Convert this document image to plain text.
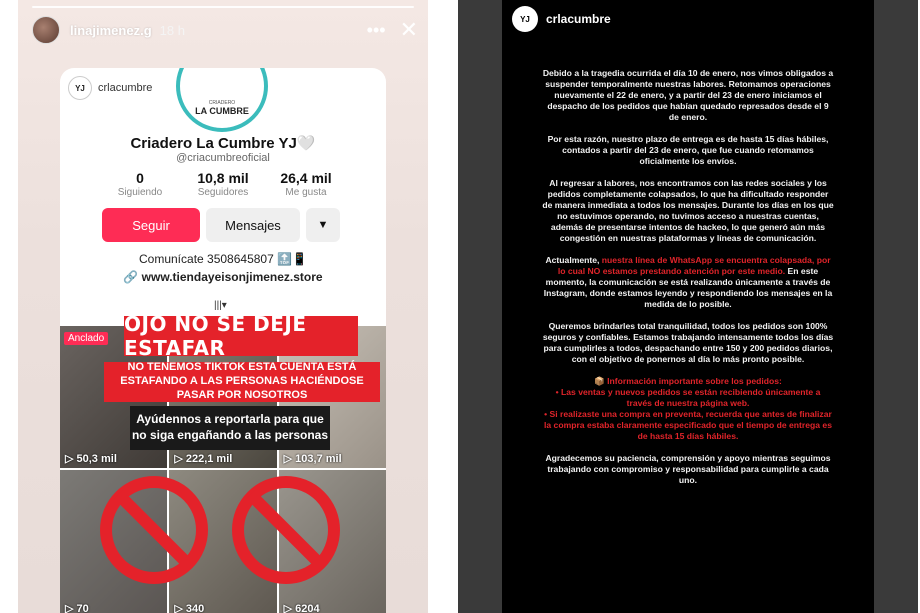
linajimenez.g 18 h	••• ✕
YJ	crlacumbre
CRIADERO
LA CUMBRE
Criadero La Cumbre YJ🤍
@criacumbreoficial
0
Siguiendo
10,8 mil
Seguidores
26,4 mil
Me gusta
Seguir	Mensajes	▼
Comunícate 3508645807 🔝📱
🔗 www.tiendayeisonjimenez.store
|||▾
Anclado
▷ 50,3 mil	▷ 222,1 mil	▷ 103,7 mil
▷ 70	▷ 340	▷ 6204
OJO NO SE DEJE ESTAFAR
NO TENEMOS TIKTOK ESTA CUENTA ESTÁ ESTAFANDO A LAS PERSONAS HACIÉNDOSE PASAR POR NOSOTROS
Ayúdennos a reportarla para que no siga engañando a las personas
YJ	crlacumbre

Debido a la tragedia ocurrida el día 10 de enero, nos vimos obligados a suspender temporalmente nuestras labores. Retomamos operaciones nuevamente el 22 de enero, y a partir del 23 de enero iniciamos el despacho de los pedidos que habían quedado represados desde el 9 de enero.

Por esta razón, nuestro plazo de entrega es de hasta 15 días hábiles, contados a partir del 23 de enero, que fue cuando retomamos oficialmente los envíos.

Al regresar a labores, nos encontramos con las redes sociales y los pedidos completamente colapsados, lo que ha dificultado responder de manera inmediata a todos los mensajes. Durante los días en los que no estuvimos operando, no tuvimos acceso a nuestras cuentas, además de presentarse intentos de hackeo, lo que generó aún más congestión en nuestras plataformas y líneas de comunicación.

Actualmente, nuestra línea de WhatsApp se encuentra colapsada, por lo cual NO estamos prestando atención por este medio. En este momento, la comunicación se está realizando únicamente a través de Instagram, donde estamos leyendo y respondiendo los mensajes en la medida de lo posible.

Queremos brindarles total tranquilidad, todos los pedidos son 100% seguros y confiables. Estamos trabajando intensamente todos los días para cumplirles a todos, despachando entre 150 y 200 pedidos diarios, con el objetivo de ponernos al día lo más pronto posible.

📦 Información importante sobre los pedidos:
• Las ventas y nuevos pedidos se están recibiendo únicamente a través de nuestra página web.
• Si realizaste una compra en preventa, recuerda que antes de finalizar la compra estaba claramente especificado que el tiempo de entrega es de hasta 15 días hábiles.

Agradecemos su paciencia, comprensión y apoyo mientras seguimos trabajando con compromiso y responsabilidad para cumplirle a cada uno.
